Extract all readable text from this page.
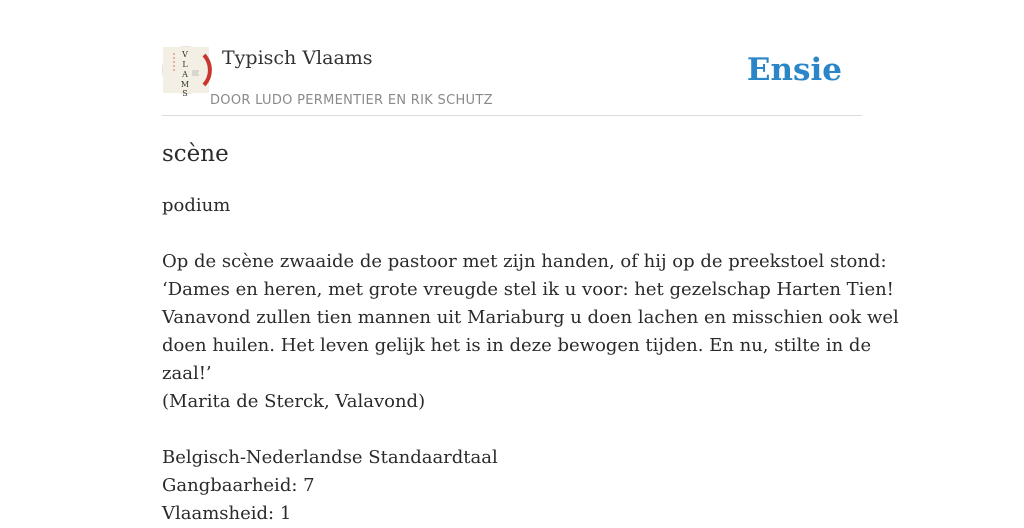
V
L
A
M
S
Typisch Vlaams
DOOR LUDO PERMENTIER EN RIK SCHUTZ
Ensie
scène

podium

Op de scène zwaaide de pastoor met zijn handen, of hij op de preekstoel stond:

‘Dames en heren, met grote vreugde stel ik u voor: het gezelschap Harten Tien!

Vanavond zullen tien mannen uit Mariaburg u doen lachen en misschien ook wel

doen huilen. Het leven gelijk het is in deze bewogen tijden. En nu, stilte in de

zaal!’

(Marita de Sterck, Valavond)

Belgisch-Nederlandse Standaardtaal

Gangbaarheid: 7

Vlaamsheid: 1
